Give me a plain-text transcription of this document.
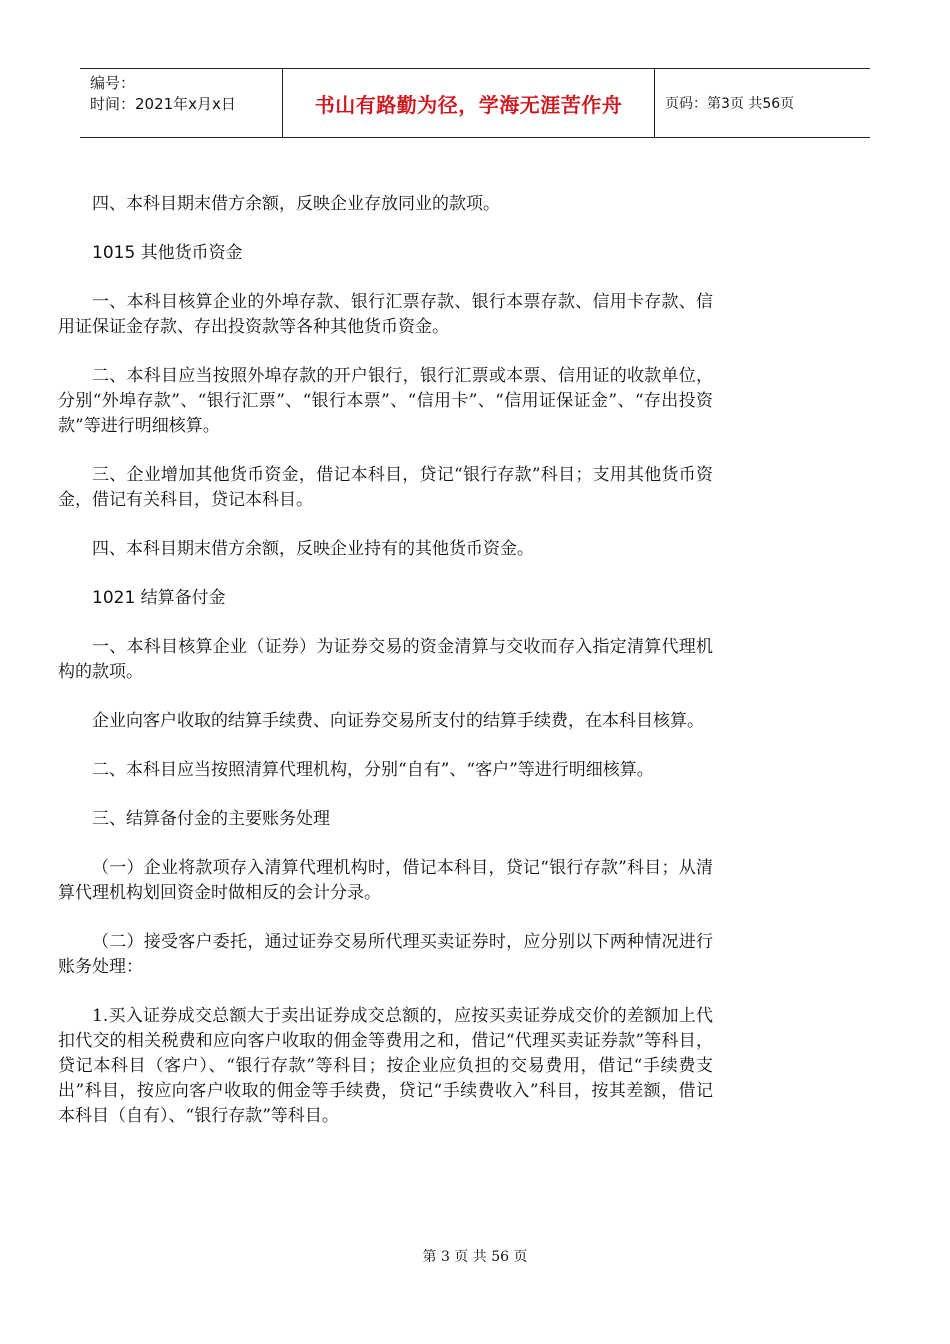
编号：
时间：2021年x月x日	书山有路勤为径，学海无涯苦作舟	页码：第3页 共56页

四、本科目期末借方余额，反映企业存放同业的款项。

1015 其他货币资金

一、本科目核算企业的外埠存款、银行汇票存款、银行本票存款、信用卡存款、信用证保证金存款、存出投资款等各种其他货币资金。

二、本科目应当按照外埠存款的开户银行，银行汇票或本票、信用证的收款单位，分别“外埠存款”、“银行汇票”、“银行本票”、“信用卡”、“信用证保证金”、“存出投资款”等进行明细核算。

三、企业增加其他货币资金，借记本科目，贷记“银行存款”科目；支用其他货币资金，借记有关科目，贷记本科目。

四、本科目期末借方余额，反映企业持有的其他货币资金。

1021 结算备付金

一、本科目核算企业（证券）为证券交易的资金清算与交收而存入指定清算代理机构的款项。

企业向客户收取的结算手续费、向证券交易所支付的结算手续费，在本科目核算。

二、本科目应当按照清算代理机构，分别“自有”、“客户”等进行明细核算。

三、结算备付金的主要账务处理

（一）企业将款项存入清算代理机构时，借记本科目，贷记“银行存款”科目；从清算代理机构划回资金时做相反的会计分录。

（二）接受客户委托，通过证券交易所代理买卖证券时，应分别以下两种情况进行账务处理：

1.买入证券成交总额大于卖出证券成交总额的，应按买卖证券成交价的差额加上代扣代交的相关税费和应向客户收取的佣金等费用之和，借记“代理买卖证券款”等科目，贷记本科目（客户）、“银行存款”等科目；按企业应负担的交易费用，借记“手续费支出”科目，按应向客户收取的佣金等手续费，贷记“手续费收入”科目，按其差额，借记本科目（自有）、“银行存款”等科目。

第 3 页 共 56 页
